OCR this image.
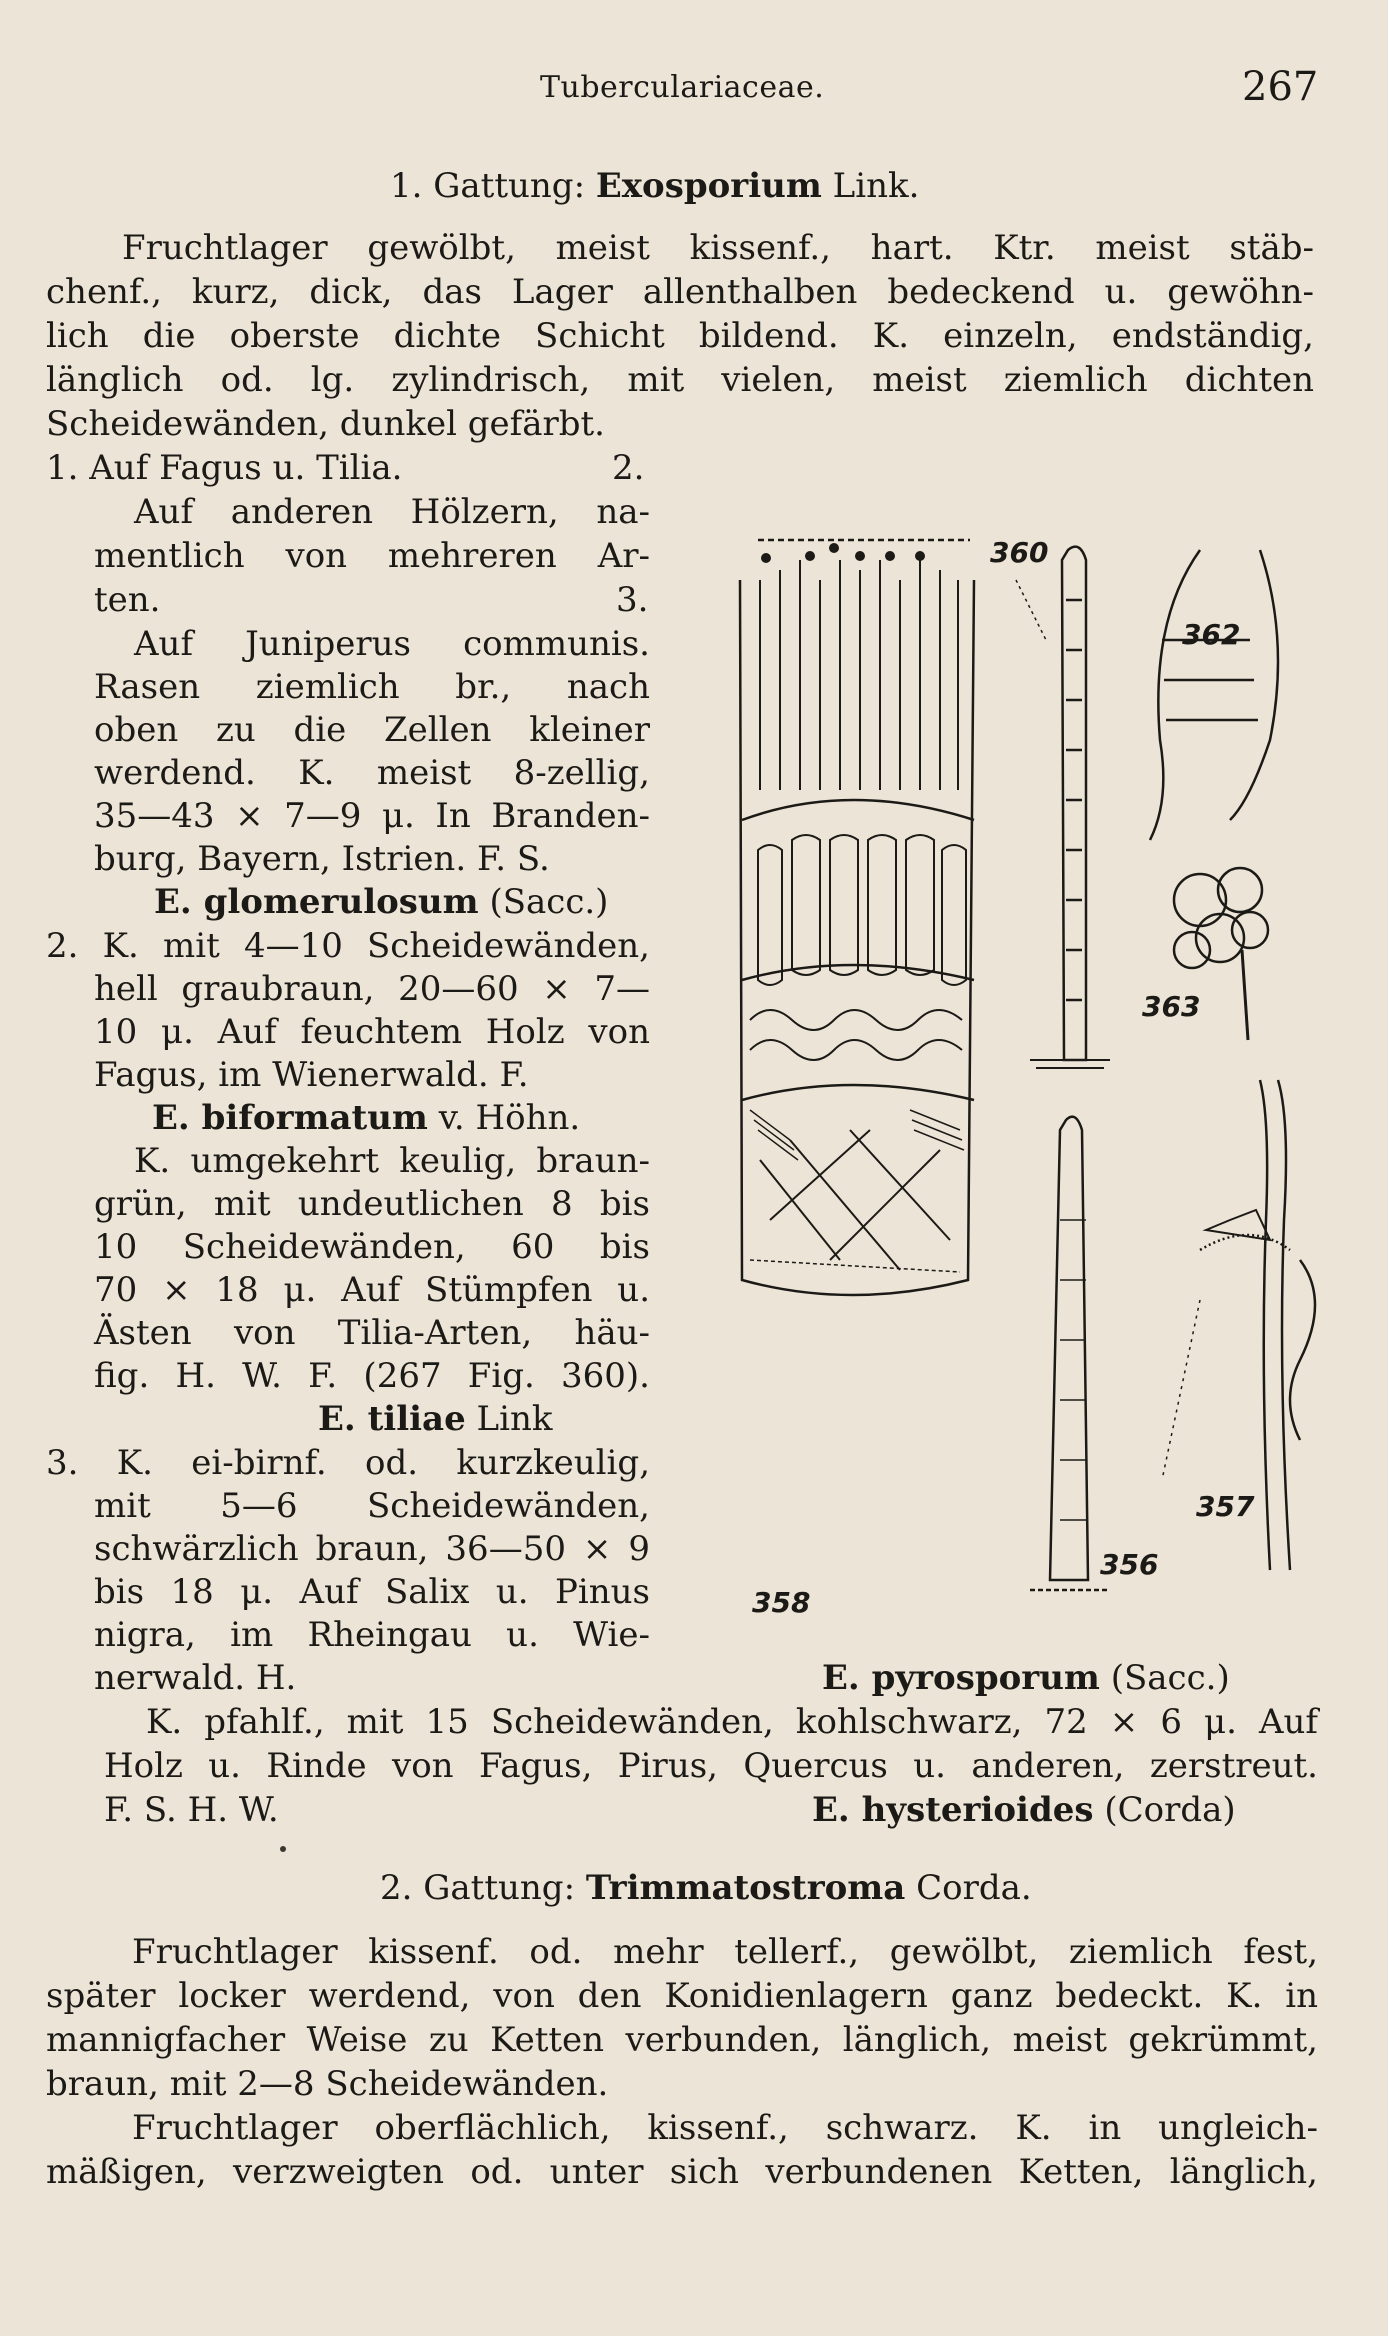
Tuberculariaceae.	267
1. Gattung: Exosporium Link.
Fruchtlager gewölbt, meist kissenf., hart. Ktr. meist stäb-
chenf., kurz, dick, das Lager allenthalben bedeckend u. gewöhn-
lich die oberste dichte Schicht bildend. K. einzeln, endständig,
länglich od. lg. zylindrisch, mit vielen, meist ziemlich dichten
Scheidewänden, dunkel gefärbt.
1. Auf Fagus u. Tilia.	2.
Auf anderen Hölzern, na-
mentlich von mehreren Ar-
ten.	3.
Auf Juniperus communis.
Rasen ziemlich br., nach
oben zu die Zellen kleiner
werdend. K. meist 8-zellig,
35—43 × 7—9 μ. In Branden-
burg, Bayern, Istrien. F. S.
E. glomerulosum (Sacc.)
2. K. mit 4—10 Scheidewänden,
hell graubraun, 20—60 × 7—
10 μ. Auf feuchtem Holz von
Fagus, im Wienerwald. F.
E. biformatum v. Höhn.
K. umgekehrt keulig, braun-
grün, mit undeutlichen 8 bis
10 Scheidewänden, 60 bis
70 × 18 μ. Auf Stümpfen u.
Ästen von Tilia-Arten, häu-
fig. H. W. F. (267 Fig. 360).
E. tiliae Link
3. K. ei-birnf. od. kurzkeulig,
mit 5—6 Scheidewänden,
schwärzlich braun, 36—50 × 9
bis 18 μ. Auf Salix u. Pinus
nigra, im Rheingau u. Wie-
nerwald. H.	E. pyrosporum (Sacc.)
K. pfahlf., mit 15 Scheidewänden, kohlschwarz, 72 × 6 μ. Auf
Holz u. Rinde von Fagus, Pirus, Quercus u. anderen, zerstreut.
F. S. H. W.	E. hysterioides (Corda)
2. Gattung: Trimmatostroma Corda.
Fruchtlager kissenf. od. mehr tellerf., gewölbt, ziemlich fest,
später locker werdend, von den Konidienlagern ganz bedeckt. K. in
mannigfacher Weise zu Ketten verbunden, länglich, meist gekrümmt,
braun, mit 2—8 Scheidewänden.
Fruchtlager oberflächlich, kissenf., schwarz. K. in ungleich-
mäßigen, verzweigten od. unter sich verbundenen Ketten, länglich,
360
362
363
357
356
358
